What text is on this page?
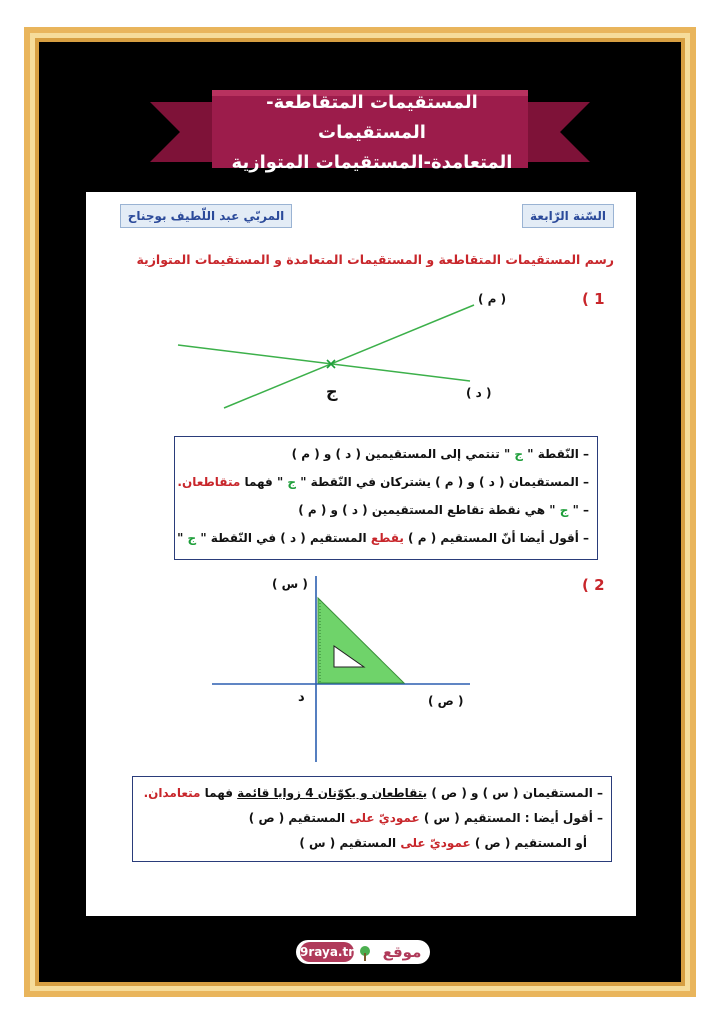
المستقيمات المتقاطعة-المستقيمات
المتعامدة-المستقيمات المتوازية
السّنة الرّابعة
المربّي عبد اللّطيف بوجناح
رسم المستقيمات المتقاطعة و المستقيمات المتعامدة و المستقيمات المتوازية
1 )
( م )
( د )
ج
– النّقطة " ج " تنتمي إلى المستقيمين ( د ) و ( م )
– المستقيمان ( د ) و ( م ) يشتركان في النّقطة " ج " فهما متقاطعان.
– " ج " هي نقطة تقاطع المستقيمين ( د ) و ( م )
– أقول أيضا أنّ المستقيم ( م ) يقطع المستقيم ( د ) في النّقطة " ج "
2 )
( س )
( ص )
د
– المستقيمان ( س ) و ( ص ) يتقاطعان و يكوّنان 4 زوايا قائمة فهما متعامدان.
– أقول أيضا : المستقيم ( س ) عموديّ على المستقيم ( ص )
أو المستقيم ( ص ) عموديّ على المستقيم ( س )
9raya.tn	موقع
